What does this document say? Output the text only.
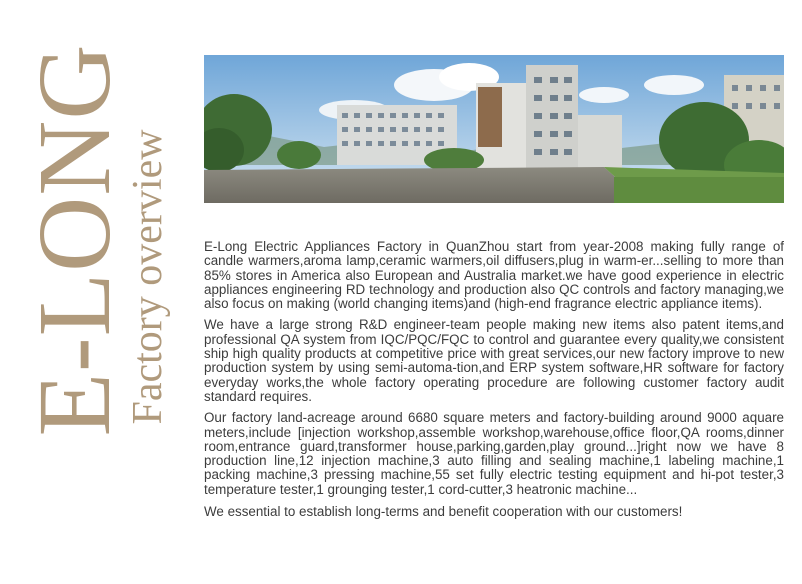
E-LONG
Factory overview E-Long Electric Appliances Factory in QuanZhou start from year-2008 making fully range of candle warmers,aroma lamp,ceramic warmers,oil diffusers,plug in warm-er...selling to more than 85% stores in America also European and Australia market.we have good experience in electric appliances engineering RD technology and production also QC controls and factory managing,we also focus on making (world changing items)and (high-end fragrance electric appliance items).

We have a large strong R&D engineer-team people making new items also patent items,and professional QA system from IQC/PQC/FQC to control and guarantee every quality,we consistent ship high quality products at competitive price with great services,our new factory improve to new production system by using semi-automa-tion,and ERP system software,HR software for factory everyday works,the whole factory operating procedure are following customer factory audit standard requires.

Our factory land-acreage around 6680 square meters and factory-building around 9000 aquare meters,include [injection workshop,assemble workshop,warehouse,office floor,QA rooms,dinner room,entrance guard,transformer house,parking,garden,play ground...]right now we have 8 production line,12 injection machine,3 auto filling and sealing machine,1 labeling machine,1 packing machine,3 pressing machine,55 set fully electric testing equipment and hi-pot tester,3 temperature tester,1 grounging tester,1 cord-cutter,3 heatronic machine...

We essential to establish long-terms and benefit cooperation with our customers!
